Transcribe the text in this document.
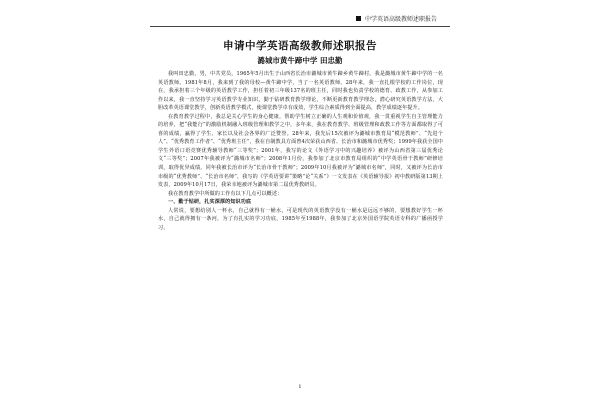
中学英语高级教师述职报告
申请中学英语高级教师述职报告
潞城市黄牛蹄中学 田忠勤

我叫田忠勤，男，中共党员，1965年5月出生于山西省长治市潞城市黄牛蹄乡黄牛蹄村。我是潞城市黄牛蹄中学的一名英语教师。1981年8月，我来到了我的母校—黄牛蹄中学，当了一名英语教师，28年来，我一直扎根学校的工作岗位，现在，我承担着三个年级的英语教学工作，担任着初三年级137名的班主任，同时我也负责学校的德育、政教工作，从参加工作以来，我一直坚持学习英语教学专业知识，勤于钻研教育教学理论，不断更新教育教学理念，潜心研究英语教学方法，大胆改革英语课堂教学，创新英语教学模式，使课堂教学卓有成效，学生综合素质得到全面提高，教学成绩逐年提升。

在教育教学过程中，我总是关心学生的身心健康，帮助学生树立正确的人生观和价值观，我一贯重视学生自主管理能力的培养，把“我能行”的激励机制融入班级管理和教学之中，多年来，我在教育教学、班级管理和政教工作等方面都取得了可喜的成绩，赢得了学生、家长以及社会各界的广泛赞誉。28年来，我先后15次被评为潞城市教育局“模范教师”、“先进个人”、“优秀教育工作者”、“优秀班主任”，我在自制教具方面曾4次荣获山西省、长治市和潞城市优秀奖；1999年我获全国中学生外语口语竞赛优秀辅导教师“三等奖”；2001年，我写的论文《外语学习中的兴趣培养》被评为山西省第三届优秀论文“三等奖”；2007年我被评为“潞城市名师”；2008年1月份，我参加了北京市教育局组织的“中学英语骨干教师”研修培训，取得优异成绩，同年我被长治市评为“长治市骨干教师”；2009年10月我被评为“潞城市名师”，同时，又被评为长治市市级的“优秀教师”、“长治市名师”，我写的《学英语要讲“策略”论“关系”》一文发表在《英语辅导报》初中教研版第13期上发表，2009年10月17日，我荣幸地被评为潞城市第二届优秀教研员。

我在教育教学中所做的工作有以下几点可以概述：

一、勤于钻研，扎实深厚的知识功底

人常说，要想给别人一杯水，自己就得有一桶水，可是现代的英语教学没有一桶水是远远不够的，要想教好学生一杯水，自己就得拥有一条河，为了有扎实的学习功底，1985年至1988年，我参加了北京外国语学院英语专科的广播函授学习，

1
